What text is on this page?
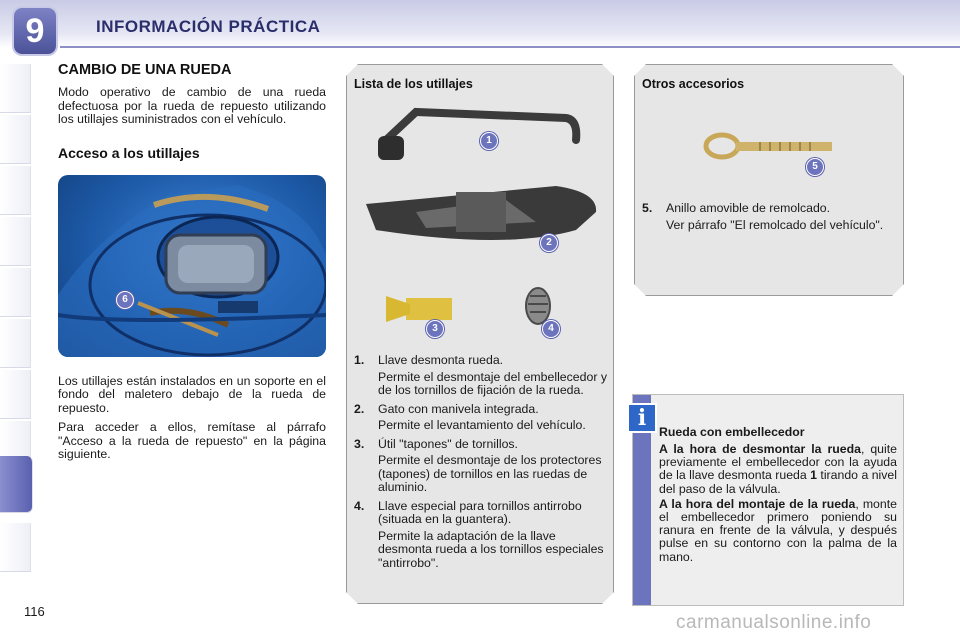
9	INFORMACIÓN PRÁCTICA
CAMBIO DE UNA RUEDA

Modo operativo de cambio de una rueda defectuosa por la rueda de repuesto utilizando los utillajes suministrados con el vehículo.

Acceso a los utillajes
6

Los utillajes están instalados en un soporte en el fondo del maletero debajo de la rueda de repuesto.

Para acceder a ellos, remítase al párrafo "Acceso a la rueda de repuesto" en la página siguiente.

Lista de los utillajes
1
2
3	4
1.	Llave desmonta rueda.

Permite el desmontaje del embellecedor y de los tornillos de fijación de la rueda.

2.	Gato con manivela integrada.

Permite el levantamiento del vehículo.

3.	Útil "tapones" de tornillos.

Permite el desmontaje de los protectores (tapones) de tornillos en las ruedas de aluminio.

4.	Llave especial para tornillos antirrobo (situada en la guantera).

Permite la adaptación de la llave desmonta rueda a los tornillos especiales "antirrobo".

Otros accesorios
5
5.	Anillo amovible de remolcado.

Ver párrafo "El remolcado del vehículo".

i
Rueda con embellecedor

A la hora de desmontar la rueda, quite previamente el embellecedor con la ayuda de la llave desmonta rueda 1 tirando a nivel del paso de la válvula.

A la hora del montaje de la rueda, monte el embellecedor primero poniendo su ranura en frente de la válvula, y después pulse en su contorno con la palma de la mano.

116
carmanualsonline.info
